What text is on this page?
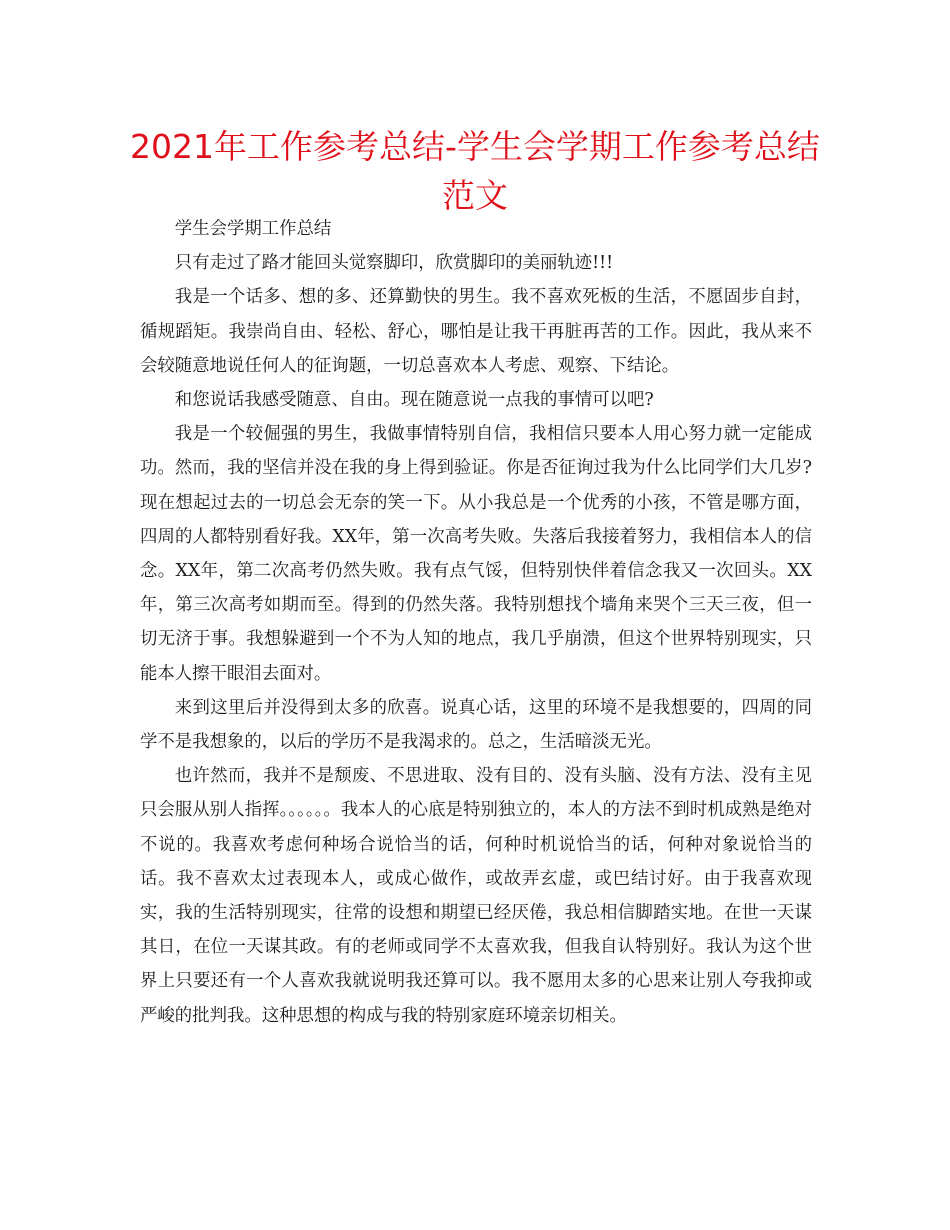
2021年工作参考总结-学生会学期工作参考总结范文

学生会学期工作总结

只有走过了路才能回头觉察脚印，欣赏脚印的美丽轨迹!!!

我是一个话多、想的多、还算勤快的男生。我不喜欢死板的生活，不愿固步自封，循规蹈矩。我崇尚自由、轻松、舒心，哪怕是让我干再脏再苦的工作。因此，我从来不会较随意地说任何人的征询题，一切总喜欢本人考虑、观察、下结论。

和您说话我感受随意、自由。现在随意说一点我的事情可以吧?

我是一个较倔强的男生，我做事情特别自信，我相信只要本人用心努力就一定能成功。然而，我的坚信并没在我的身上得到验证。你是否征询过我为什么比同学们大几岁?现在想起过去的一切总会无奈的笑一下。从小我总是一个优秀的小孩，不管是哪方面，四周的人都特别看好我。XX年，第一次高考失败。失落后我接着努力，我相信本人的信念。XX年，第二次高考仍然失败。我有点气馁，但特别快伴着信念我又一次回头。XX年，第三次高考如期而至。得到的仍然失落。我特别想找个墙角来哭个三天三夜，但一切无济于事。我想躲避到一个不为人知的地点，我几乎崩溃，但这个世界特别现实，只能本人擦干眼泪去面对。

来到这里后并没得到太多的欣喜。说真心话，这里的环境不是我想要的，四周的同学不是我想象的，以后的学历不是我渴求的。总之，生活暗淡无光。

也许然而，我并不是颓废、不思进取、没有目的、没有头脑、没有方法、没有主见只会服从别人指挥。。。。。。我本人的心底是特别独立的，本人的方法不到时机成熟是绝对不说的。我喜欢考虑何种场合说恰当的话，何种时机说恰当的话，何种对象说恰当的话。我不喜欢太过表现本人，或成心做作，或故弄玄虚，或巴结讨好。由于我喜欢现实，我的生活特别现实，往常的设想和期望已经厌倦，我总相信脚踏实地。在世一天谋其日，在位一天谋其政。有的老师或同学不太喜欢我，但我自认特别好。我认为这个世界上只要还有一个人喜欢我就说明我还算可以。我不愿用太多的心思来让别人夸我抑或严峻的批判我。这种思想的构成与我的特别家庭环境亲切相关。
